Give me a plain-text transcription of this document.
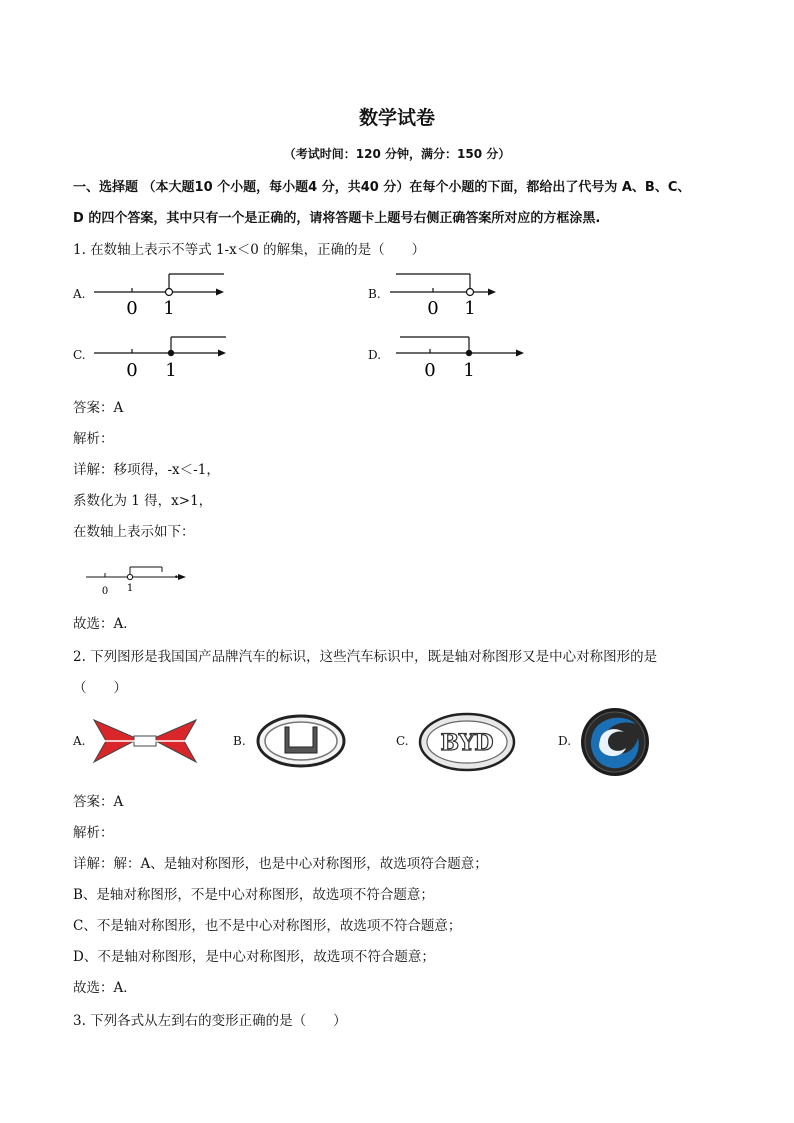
数学试卷
（考试时间：120 分钟，满分：150 分）
一、选择题 （本大题10 个小题，每小题4 分，共40 分）在每个小题的下面，都给出了代号为 A、B、C、
D 的四个答案，其中只有一个是正确的，请将答题卡上题号右侧正确答案所对应的方框涂黑.
1. 在数轴上表示不等式 1-x＜0 的解集，正确的是（　　）
A.
0 1
B.
0 1
C.
0 1
D.
0 1
答案：A
解析：
详解：移项得，-x＜-1，
系数化为 1 得，x>1，
在数轴上表示如下：
0 1
.
故选：A．
2. 下列图形是我国国产品牌汽车的标识，这些汽车标识中，既是轴对称图形又是中心对称图形的是
（　　）
A.	B.	C. BYD	D.
答案：A
解析：
详解：解：A、是轴对称图形，也是中心对称图形，故选项符合题意；
B、是轴对称图形，不是中心对称图形，故选项不符合题意；
C、不是轴对称图形，也不是中心对称图形，故选项不符合题意；
D、不是轴对称图形，是中心对称图形，故选项不符合题意；
故选：A．
3. 下列各式从左到右的变形正确的是（　　）
